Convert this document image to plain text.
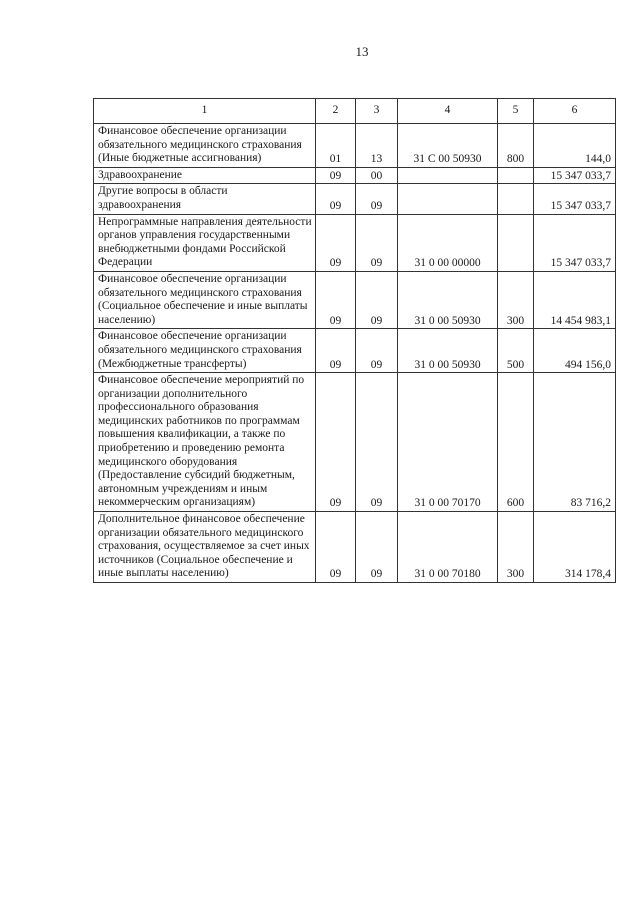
13
1	2	3	4	5	6
Финансовое обеспечение организации обязательного медицинского страхования (Иные бюджетные ассигнования)	01	13	31 С 00 50930	800	144,0
Здравоохранение	09	00			15 347 033,7
Другие вопросы в области здравоохранения	09	09			15 347 033,7
Непрограммные направления деятельности органов управления государственными внебюджетными фондами Российской Федерации	09	09	31 0 00 00000		15 347 033,7
Финансовое обеспечение организации обязательного медицинского страхования (Социальное обеспечение и иные выплаты населению)	09	09	31 0 00 50930	300	14 454 983,1
Финансовое обеспечение организации обязательного медицинского страхования (Межбюджетные трансферты)	09	09	31 0 00 50930	500	494 156,0
Финансовое обеспечение мероприятий по организации дополнительного профессионального образования медицинских работников по программам повышения квалификации, а также по приобретению и проведению ремонта медицинского оборудования (Предоставление субсидий бюджетным, автономным учреждениям и иным некоммерческим организациям)	09	09	31 0 00 70170	600	83 716,2
Дополнительное финансовое обеспечение организации обязательного медицинского страхования, осуществляемое за счет иных источников (Социальное обеспечение и иные выплаты населению)	09	09	31 0 00 70180	300	314 178,4
